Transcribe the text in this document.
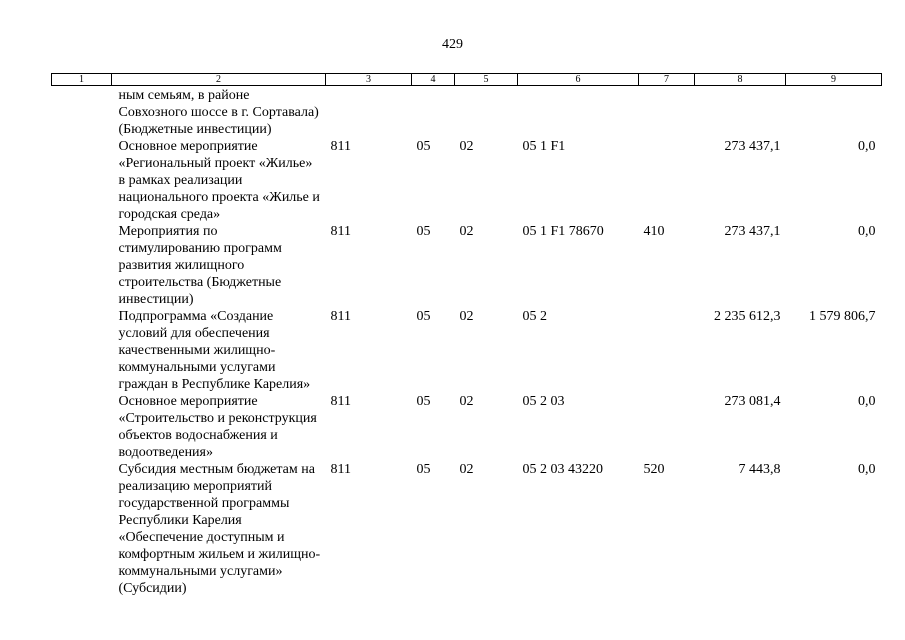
429
1	2	3	4	5	6	7	8	9
	ным семьям, в районе Совхозного шоссе в г. Сортавала) (Бюджетные инвестиции)							
	Основное мероприятие «Региональный проект «Жилье» в рамках реализации национального проекта «Жилье и городская среда»	811	05	02	05 1 F1		273 437,1	0,0
	Мероприятия по стимулированию программ развития жилищного строительства (Бюджетные инвестиции)	811	05	02	05 1 F1 78670	410	273 437,1	0,0
	Подпрограмма «Создание условий для обеспечения качественными жилищно-коммунальными услугами граждан в Республике Карелия»	811	05	02	05 2		2 235 612,3	1 579 806,7
	Основное мероприятие «Строительство и реконструкция объектов водоснабжения и водоотведения»	811	05	02	05 2 03		273 081,4	0,0
	Субсидия местным бюджетам на реализацию мероприятий государственной программы Республики Карелия «Обеспечение доступным и комфортным жильем и жилищно-коммунальными услугами» (Субсидии)	811	05	02	05 2 03 43220	520	7 443,8	0,0
